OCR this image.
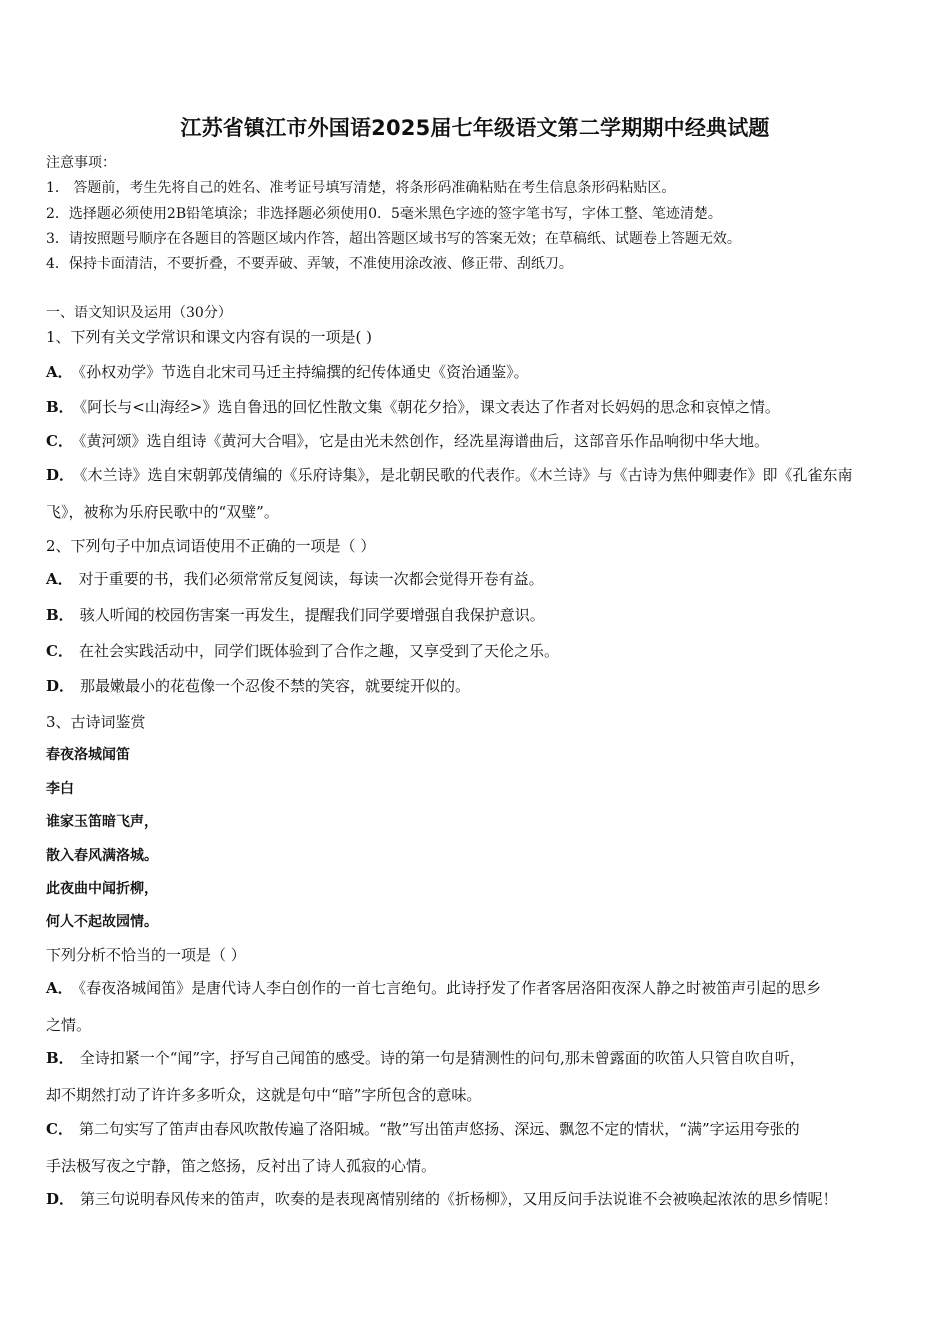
江苏省镇江市外国语2025届七年级语文第二学期期中经典试题
注意事项：
1． 答题前，考生先将自己的姓名、准考证号填写清楚，将条形码准确粘贴在考生信息条形码粘贴区。
2．选择题必须使用2B铅笔填涂；非选择题必须使用0．5毫米黑色字迹的签字笔书写，字体工整、笔迹清楚。
3．请按照题号顺序在各题目的答题区域内作答，超出答题区域书写的答案无效；在草稿纸、试题卷上答题无效。
4．保持卡面清洁，不要折叠，不要弄破、弄皱，不准使用涂改液、修正带、刮纸刀。
一、语文知识及运用（30分）
1、下列有关文学常识和课文内容有误的一项是( )
A． 《孙权劝学》节选自北宋司马迁主持编撰的纪传体通史《资治通鉴》。
B． 《阿长与<山海经>》选自鲁迅的回忆性散文集《朝花夕拾》，课文表达了作者对长妈妈的思念和哀悼之情。
C． 《黄河颂》选自组诗《黄河大合唱》，它是由光未然创作，经冼星海谱曲后，这部音乐作品响彻中华大地。
D． 《木兰诗》选自宋朝郭茂倩编的《乐府诗集》，是北朝民歌的代表作。《木兰诗》与《古诗为焦仲卿妻作》即《孔雀东南
飞》，被称为乐府民歌中的“双璧”。
2、下列句子中加点词语使用不正确的一项是（ ）
A． 对于重要的书，我们必须常常反复阅读，每读一次都会觉得开卷有益。
B． 骇人听闻的校园伤害案一再发生，提醒我们同学要增强自我保护意识。
C． 在社会实践活动中，同学们既体验到了合作之趣，又享受到了天伦之乐。
D． 那最嫩最小的花苞像一个忍俊不禁的笑容，就要绽开似的。
3、古诗词鉴赏
春夜洛城闻笛
李白
谁家玉笛暗飞声，
散入春风满洛城。
此夜曲中闻折柳，
何人不起故园情。
下列分析不恰当的一项是（ ）
A． 《春夜洛城闻笛》是唐代诗人李白创作的一首七言绝句。此诗抒发了作者客居洛阳夜深人静之时被笛声引起的思乡
之情。
B． 全诗扣紧一个“闻”字，抒写自己闻笛的感受。诗的第一句是猜测性的问句,那未曾露面的吹笛人只管自吹自听，
却不期然打动了许许多多听众，这就是句中“暗”字所包含的意味。
C． 第二句实写了笛声由春风吹散传遍了洛阳城。“散”写出笛声悠扬、深远、飘忽不定的情状，“满”字运用夸张的
手法极写夜之宁静，笛之悠扬，反衬出了诗人孤寂的心情。
D． 第三句说明春风传来的笛声，吹奏的是表现离情别绪的《折杨柳》，又用反问手法说谁不会被唤起浓浓的思乡情呢！
